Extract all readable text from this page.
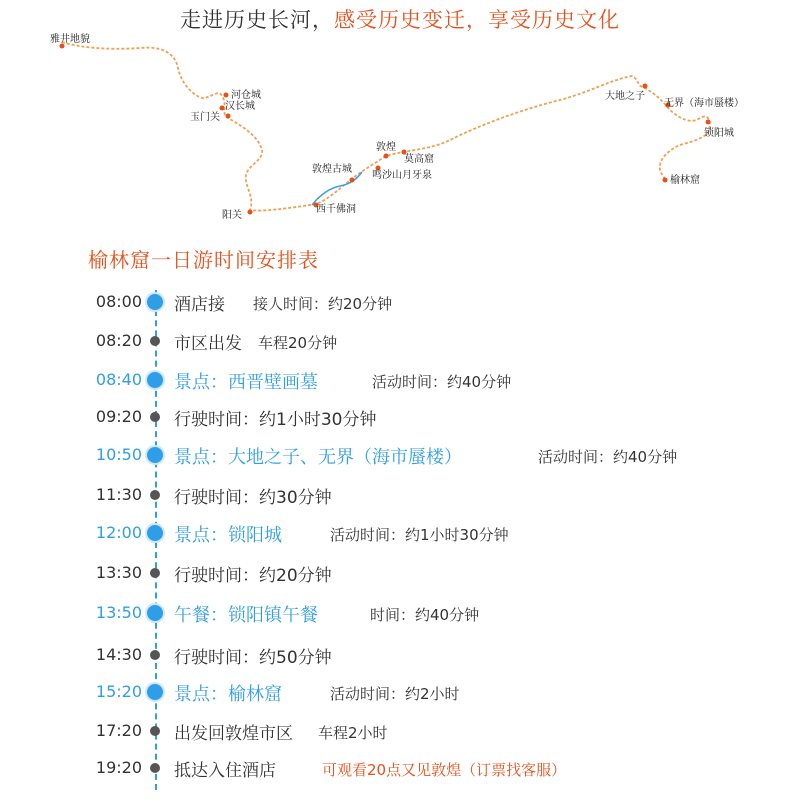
走进历史长河，感受历史变迁，享受历史文化
雅井地貌
河仓城
汉长城
玉门关
阳关
敦煌古城
敦煌
莫高窟
鸣沙山月牙泉
西千佛洞
大地之子
无界（海市蜃楼）
锁阳城
榆林窟
榆林窟一日游时间安排表
08:00 酒店接 接人时间：约20分钟
08:20 市区出发 车程20分钟
08:40 景点：西晋壁画墓	活动时间：约40分钟
09:20 行驶时间：约1小时30分钟
10:50 景点：大地之子、无界（海市蜃楼）	活动时间：约40分钟
11:30 行驶时间：约30分钟
12:00 景点：锁阳城	活动时间：约1小时30分钟
13:30 行驶时间：约20分钟
13:50 午餐：锁阳镇午餐	时间：约40分钟
14:30 行驶时间：约50分钟
15:20 景点：榆林窟	活动时间：约2小时
17:20 出发回敦煌市区 车程2小时
19:20 抵达入住酒店	可观看20点又见敦煌（订票找客服）
